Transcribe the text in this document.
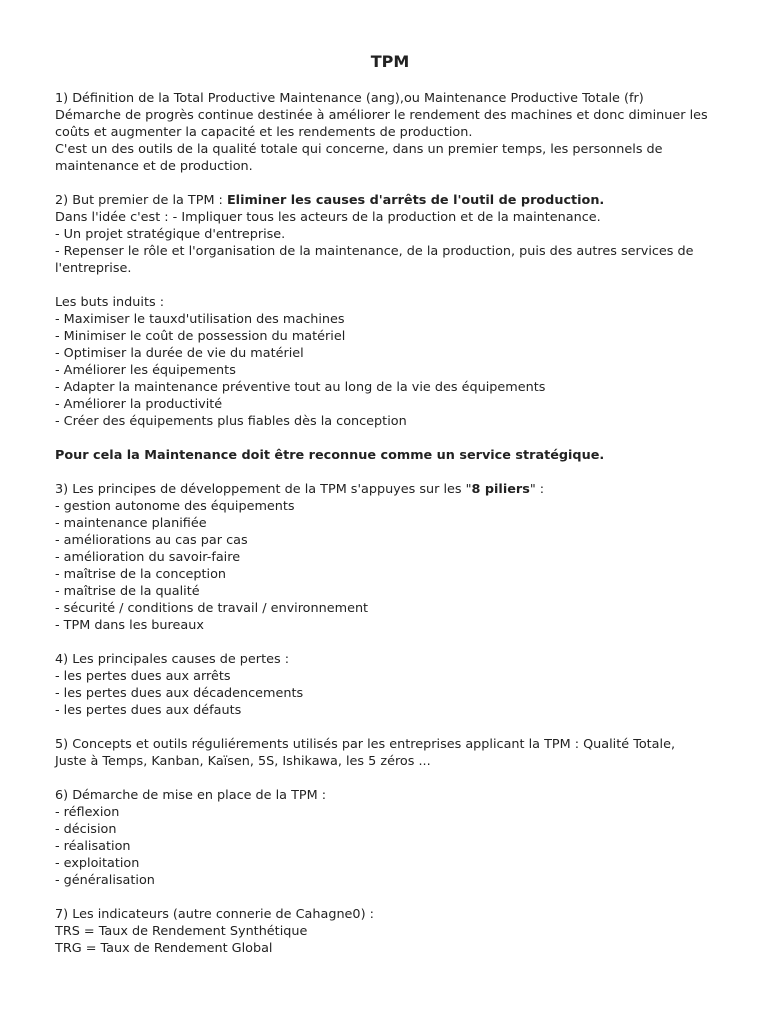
TPM
1) Définition de la Total Productive Maintenance (ang),ou Maintenance Productive Totale (fr)
Démarche de progrès continue destinée à améliorer le rendement des machines et donc diminuer les
coûts et augmenter la capacité et les rendements de production.
C'est un des outils de la qualité totale qui concerne, dans un premier temps, les personnels de
maintenance et de production.
2) But premier de la TPM : Eliminer les causes d'arrêts de l'outil de production.
Dans l'idée c'est : - Impliquer tous les acteurs de la production et de la maintenance.
- Un projet stratégique d'entreprise.
- Repenser le rôle et l'organisation de la maintenance, de la production, puis des autres services de
l'entreprise.
Les buts induits :
- Maximiser le tauxd'utilisation des machines
- Minimiser le coût de possession du matériel
- Optimiser la durée de vie du matériel
- Améliorer les équipements
- Adapter la maintenance préventive tout au long de la vie des équipements
- Améliorer la productivité
- Créer des équipements plus fiables dès la conception
Pour cela la Maintenance doit être reconnue comme un service stratégique.
3) Les principes de développement de la TPM s'appuyes sur les "8 piliers" :
- gestion autonome des équipements
- maintenance planifiée
- améliorations au cas par cas
- amélioration du savoir-faire
- maîtrise de la conception
- maîtrise de la qualité
- sécurité / conditions de travail / environnement
- TPM dans les bureaux
4) Les principales causes de pertes :
- les pertes dues aux arrêts
- les pertes dues aux décadencements
- les pertes dues aux défauts
5) Concepts et outils réguliérements utilisés par les entreprises applicant la TPM : Qualité Totale,
Juste à Temps, Kanban, Kaïsen, 5S, Ishikawa, les 5 zéros ...
6) Démarche de mise en place de la TPM :
- réflexion
- décision
- réalisation
- exploitation
- généralisation
7) Les indicateurs (autre connerie de Cahagne0) :
TRS = Taux de Rendement Synthétique
TRG = Taux de Rendement Global
